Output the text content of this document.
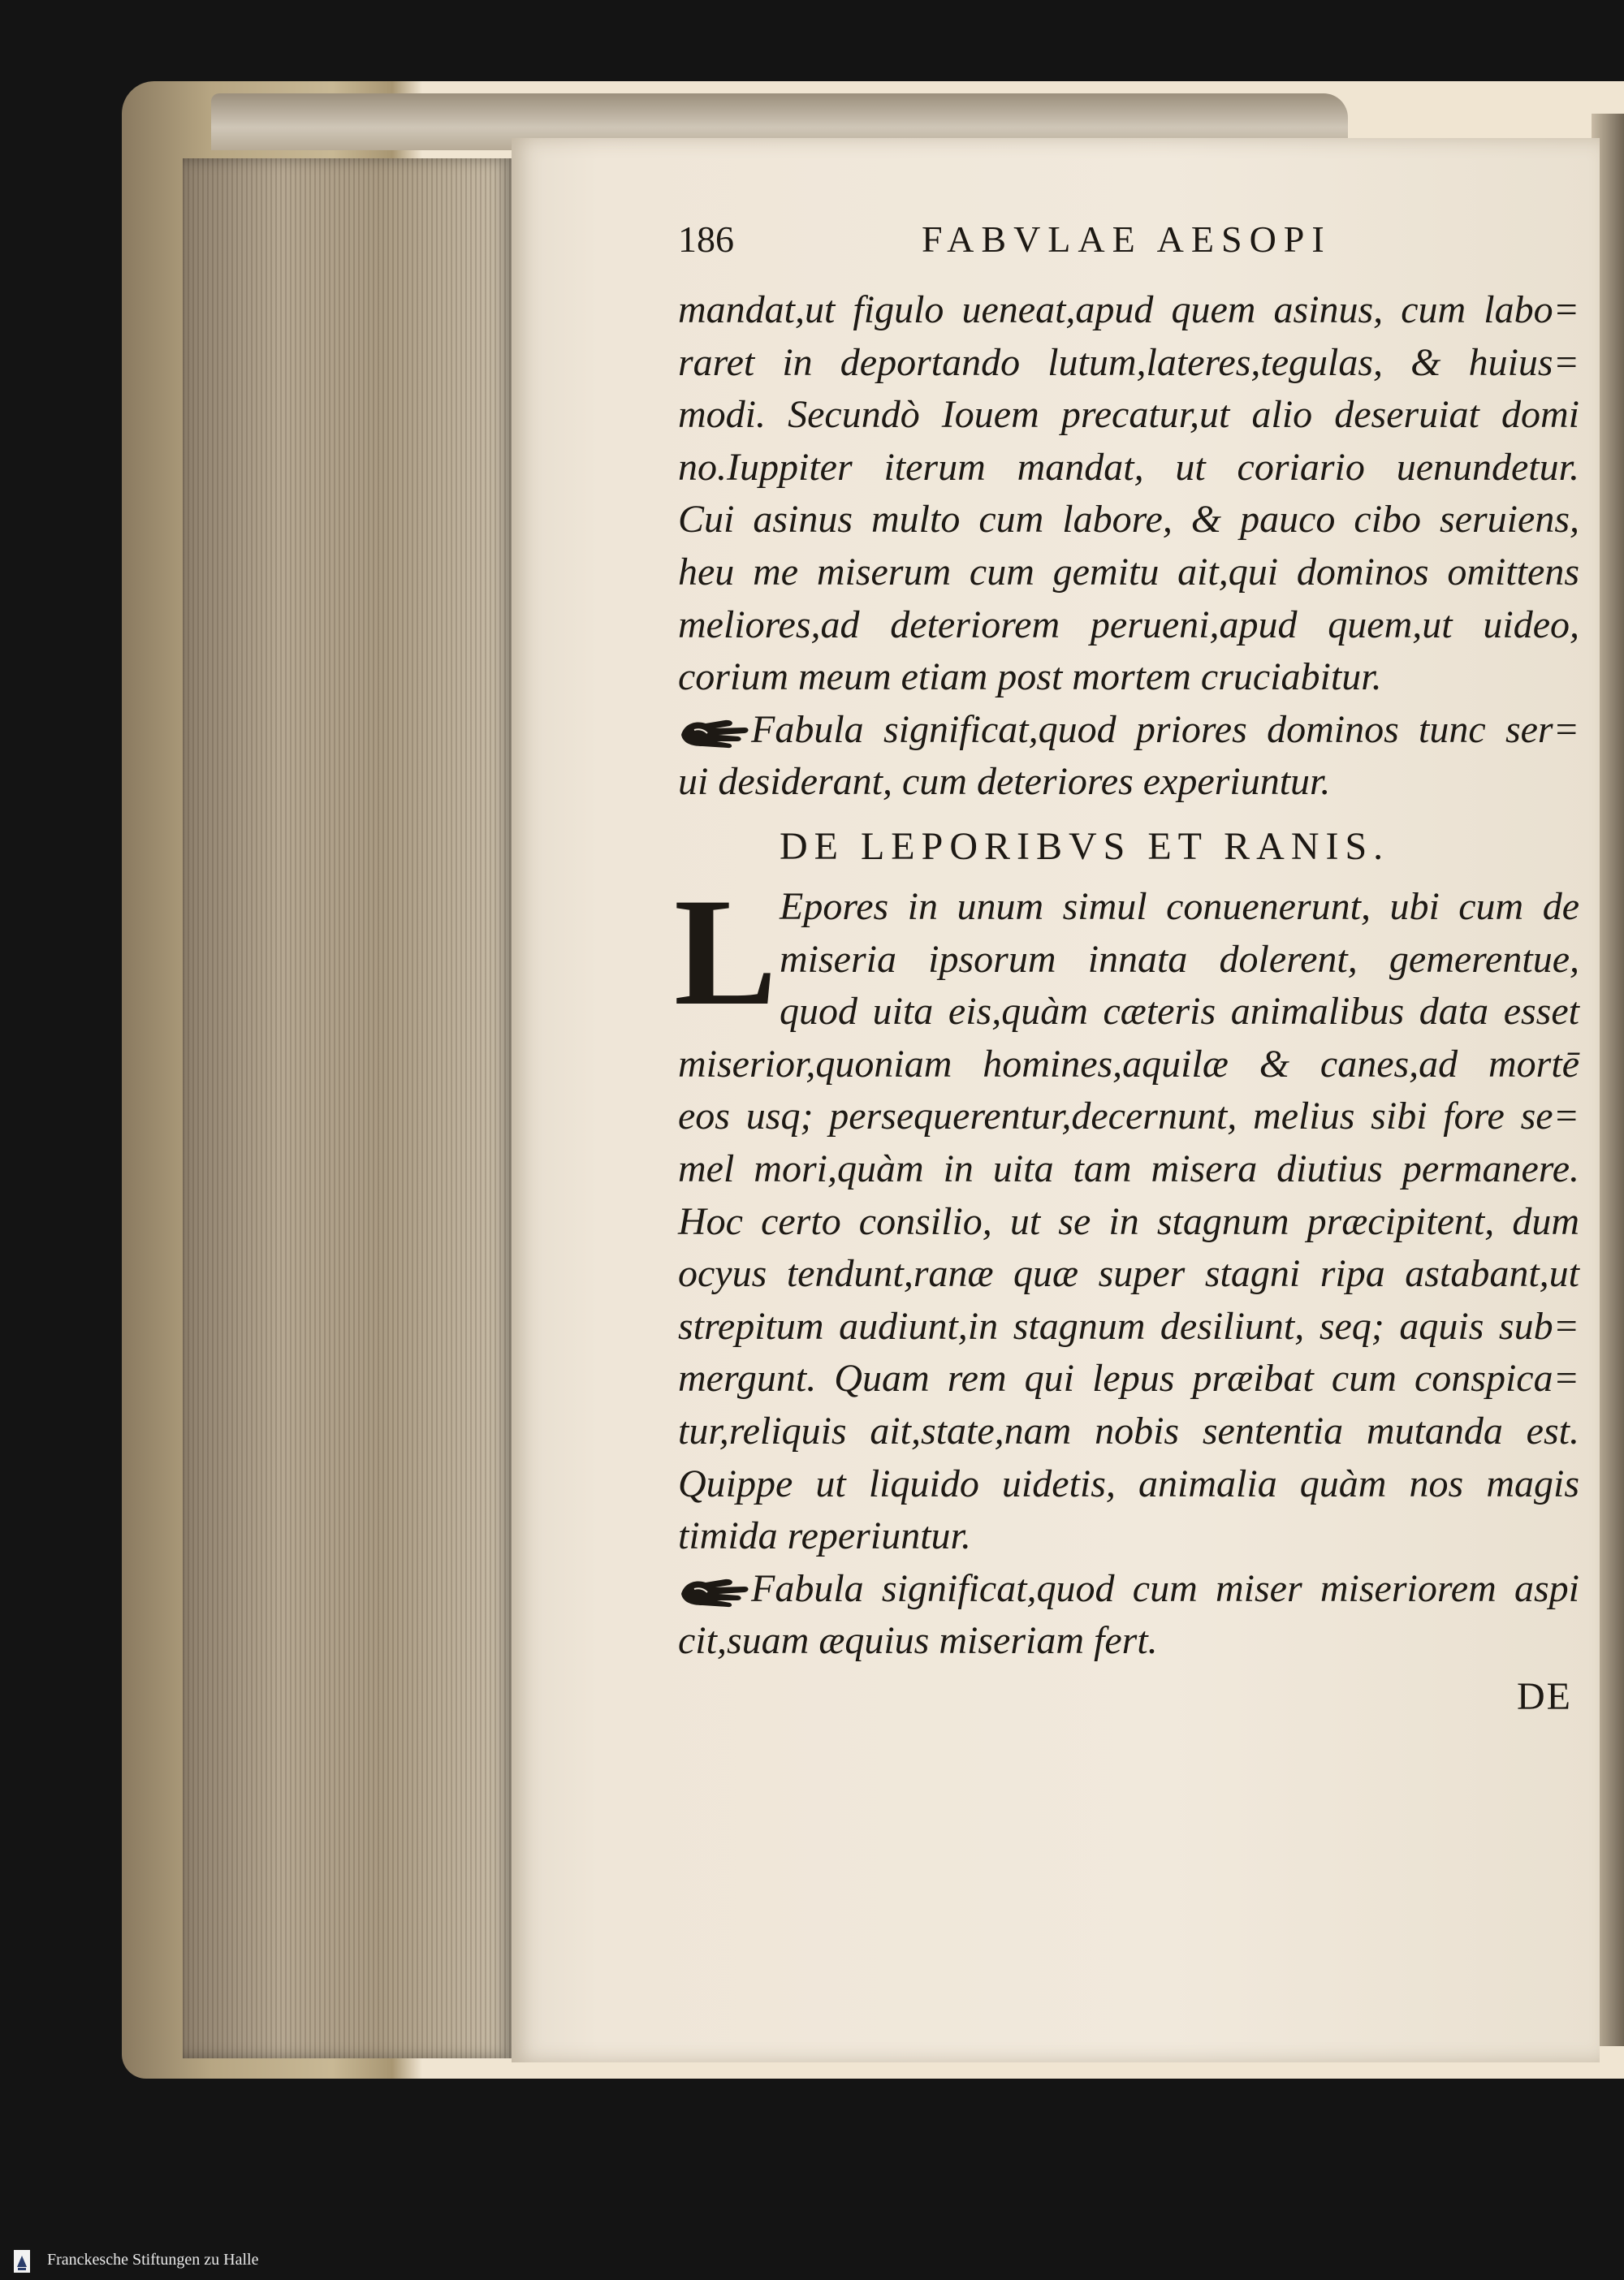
186	FABVLAE AESOPI
mandat,ut figulo ueneat,apud quem asinus, cum labo=
raret in deportando lutum,lateres,tegulas, & huius=
modi. Secundò Iouem precatur,ut alio deseruiat domi
no.Iuppiter iterum mandat, ut coriario uenundetur.
Cui asinus multo cum labore, & pauco cibo seruiens,
heu me miserum cum gemitu ait,qui dominos omittens
meliores,ad deteriorem perueni,apud quem,ut uideo,
corium meum etiam post mortem cruciabitur.
Fabula significat,quod priores dominos tunc ser=
ui desiderant, cum deteriores experiuntur.
DE LEPORIBVS ET RANIS.
L Epores in unum simul conuenerunt, ubi cum de
miseria ipsorum innata dolerent, gemerentue,
quod uita eis,quàm cæteris animalibus data esset
miserior,quoniam homines,aquilæ & canes,ad mortē
eos usq; persequerentur,decernunt, melius sibi fore se=
mel mori,quàm in uita tam misera diutius permanere.
Hoc certo consilio, ut se in stagnum præcipitent, dum
ocyus tendunt,ranæ quæ super stagni ripa astabant,ut
strepitum audiunt,in stagnum desiliunt, seq; aquis sub=
mergunt. Quam rem qui lepus præibat cum conspica=
tur,reliquis ait,state,nam nobis sententia mutanda est.
Quippe ut liquido uidetis, animalia quàm nos magis
timida reperiuntur.
Fabula significat,quod cum miser miseriorem aspi
cit,suam æquius miseriam fert.
DE
Franckesche Stiftungen zu Halle
